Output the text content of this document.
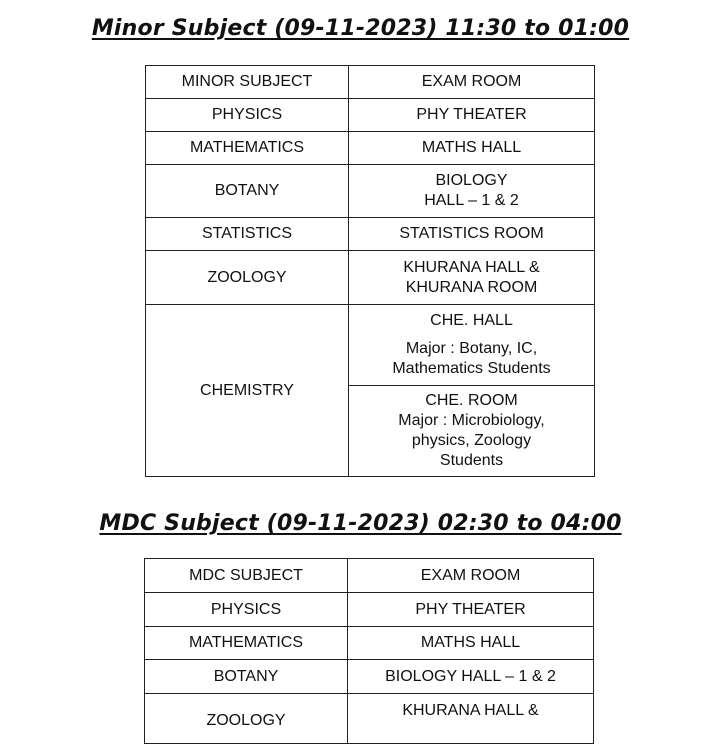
Minor Subject (09-11-2023) 11:30 to 01:00
MINOR SUBJECT	EXAM ROOM
PHYSICS	PHY THEATER
MATHEMATICS	MATHS HALL
BOTANY	BIOLOGY
HALL – 1 & 2

STATISTICS	STATISTICS ROOM
ZOOLOGY	KHURANA HALL &
KHURANA ROOM

CHEMISTRY	CHE. HALL
Major : Botany, IC,
Mathematics Students

	CHE. ROOM
Major : Microbiology,
physics, Zoology
Students
MDC Subject (09-11-2023) 02:30 to 04:00
MDC SUBJECT	EXAM ROOM
PHYSICS	PHY THEATER
MATHEMATICS	MATHS HALL
BOTANY	BIOLOGY HALL – 1 & 2
ZOOLOGY	KHURANA HALL &
